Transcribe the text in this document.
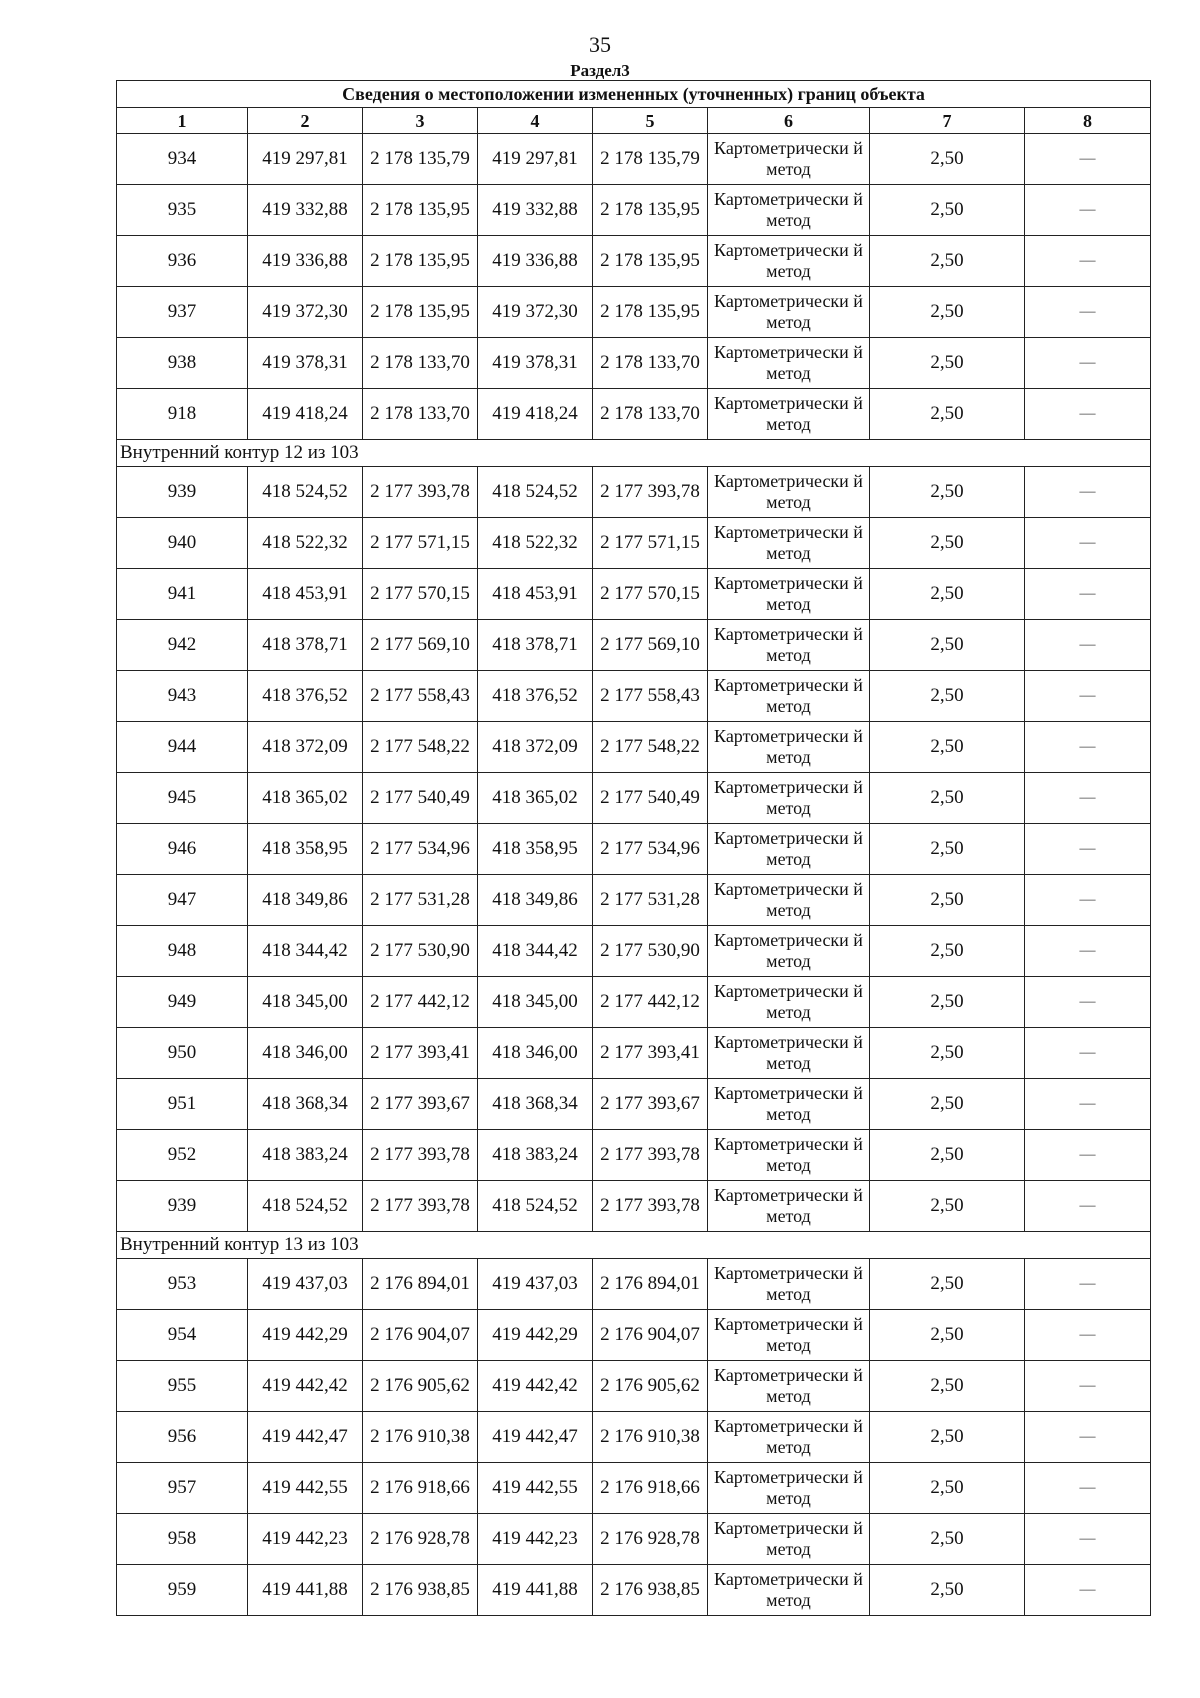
35
Раздел3
Сведения о местоположении измененных (уточненных) границ объекта							
1	2	3	4	5	6	7	8
934	419 297,81	2 178 135,79	419 297,81	2 178 135,79	Картометрически й метод	2,50	—
935	419 332,88	2 178 135,95	419 332,88	2 178 135,95	Картометрически й метод	2,50	—
936	419 336,88	2 178 135,95	419 336,88	2 178 135,95	Картометрически й метод	2,50	—
937	419 372,30	2 178 135,95	419 372,30	2 178 135,95	Картометрически й метод	2,50	—
938	419 378,31	2 178 133,70	419 378,31	2 178 133,70	Картометрически й метод	2,50	—
918	419 418,24	2 178 133,70	419 418,24	2 178 133,70	Картометрически й метод	2,50	—
Внутренний контур 12 из 103							
939	418 524,52	2 177 393,78	418 524,52	2 177 393,78	Картометрически й метод	2,50	—
940	418 522,32	2 177 571,15	418 522,32	2 177 571,15	Картометрически й метод	2,50	—
941	418 453,91	2 177 570,15	418 453,91	2 177 570,15	Картометрически й метод	2,50	—
942	418 378,71	2 177 569,10	418 378,71	2 177 569,10	Картометрически й метод	2,50	—
943	418 376,52	2 177 558,43	418 376,52	2 177 558,43	Картометрически й метод	2,50	—
944	418 372,09	2 177 548,22	418 372,09	2 177 548,22	Картометрически й метод	2,50	—
945	418 365,02	2 177 540,49	418 365,02	2 177 540,49	Картометрически й метод	2,50	—
946	418 358,95	2 177 534,96	418 358,95	2 177 534,96	Картометрически й метод	2,50	—
947	418 349,86	2 177 531,28	418 349,86	2 177 531,28	Картометрически й метод	2,50	—
948	418 344,42	2 177 530,90	418 344,42	2 177 530,90	Картометрически й метод	2,50	—
949	418 345,00	2 177 442,12	418 345,00	2 177 442,12	Картометрически й метод	2,50	—
950	418 346,00	2 177 393,41	418 346,00	2 177 393,41	Картометрически й метод	2,50	—
951	418 368,34	2 177 393,67	418 368,34	2 177 393,67	Картометрически й метод	2,50	—
952	418 383,24	2 177 393,78	418 383,24	2 177 393,78	Картометрически й метод	2,50	—
939	418 524,52	2 177 393,78	418 524,52	2 177 393,78	Картометрически й метод	2,50	—
Внутренний контур 13 из 103							
953	419 437,03	2 176 894,01	419 437,03	2 176 894,01	Картометрически й метод	2,50	—
954	419 442,29	2 176 904,07	419 442,29	2 176 904,07	Картометрически й метод	2,50	—
955	419 442,42	2 176 905,62	419 442,42	2 176 905,62	Картометрически й метод	2,50	—
956	419 442,47	2 176 910,38	419 442,47	2 176 910,38	Картометрически й метод	2,50	—
957	419 442,55	2 176 918,66	419 442,55	2 176 918,66	Картометрически й метод	2,50	—
958	419 442,23	2 176 928,78	419 442,23	2 176 928,78	Картометрически й метод	2,50	—
959	419 441,88	2 176 938,85	419 441,88	2 176 938,85	Картометрически й метод	2,50	—
